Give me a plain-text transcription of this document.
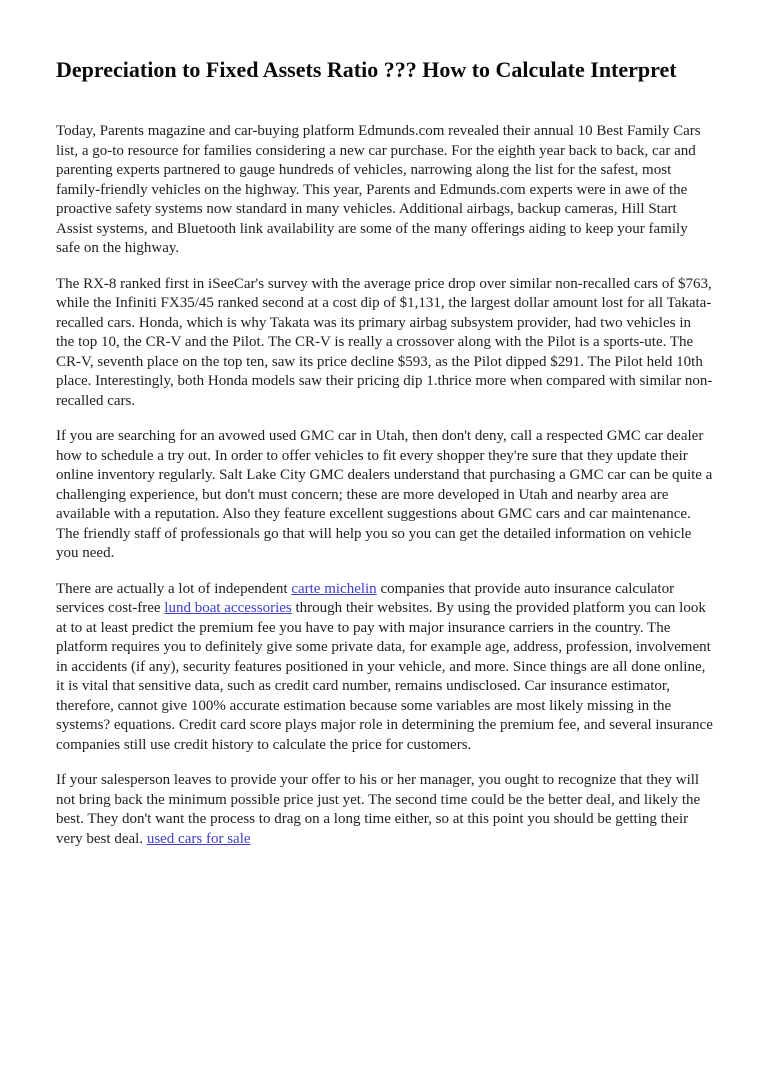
Depreciation to Fixed Assets Ratio ??? How to Calculate Interpret

Today, Parents magazine and car-buying platform Edmunds.com revealed their annual 10 Best Family Cars list, a go-to resource for families considering a new car purchase. For the eighth year back to back, car and parenting experts partnered to gauge hundreds of vehicles, narrowing along the list for the safest, most family-friendly vehicles on the highway. This year, Parents and Edmunds.com experts were in awe of the proactive safety systems now standard in many vehicles. Additional airbags, backup cameras, Hill Start Assist systems, and Bluetooth link availability are some of the many offerings aiding to keep your family safe on the highway.

The RX-8 ranked first in iSeeCar's survey with the average price drop over similar non-recalled cars of $763, while the Infiniti FX35/45 ranked second at a cost dip of $1,131, the largest dollar amount lost for all Takata-recalled cars. Honda, which is why Takata was its primary airbag subsystem provider, had two vehicles in the top 10, the CR-V and the Pilot. The CR-V is really a crossover along with the Pilot is a sports-ute. The CR-V, seventh place on the top ten, saw its price decline $593, as the Pilot dipped $291. The Pilot held 10th place. Interestingly, both Honda models saw their pricing dip 1.thrice more when compared with similar non-recalled cars.

If you are searching for an avowed used GMC car in Utah, then don't deny, call a respected GMC car dealer how to schedule a try out. In order to offer vehicles to fit every shopper they're sure that they update their online inventory regularly. Salt Lake City GMC dealers understand that purchasing a GMC car can be quite a challenging experience, but don't must concern; these are more developed in Utah and nearby area are available with a reputation. Also they feature excellent suggestions about GMC cars and car maintenance. The friendly staff of professionals go that will help you so you can get the detailed information on vehicle you need.

There are actually a lot of independent carte michelin companies that provide auto insurance calculator services cost-free lund boat accessories through their websites. By using the provided platform you can look at to at least predict the premium fee you have to pay with major insurance carriers in the country. The platform requires you to definitely give some private data, for example age, address, profession, involvement in accidents (if any), security features positioned in your vehicle, and more. Since things are all done online, it is vital that sensitive data, such as credit card number, remains undisclosed. Car insurance estimator, therefore, cannot give 100% accurate estimation because some variables are most likely missing in the systems? equations. Credit card score plays major role in determining the premium fee, and several insurance companies still use credit history to calculate the price for customers.

If your salesperson leaves to provide your offer to his or her manager, you ought to recognize that they will not bring back the minimum possible price just yet. The second time could be the better deal, and likely the best. They don't want the process to drag on a long time either, so at this point you should be getting their very best deal. used cars for sale
